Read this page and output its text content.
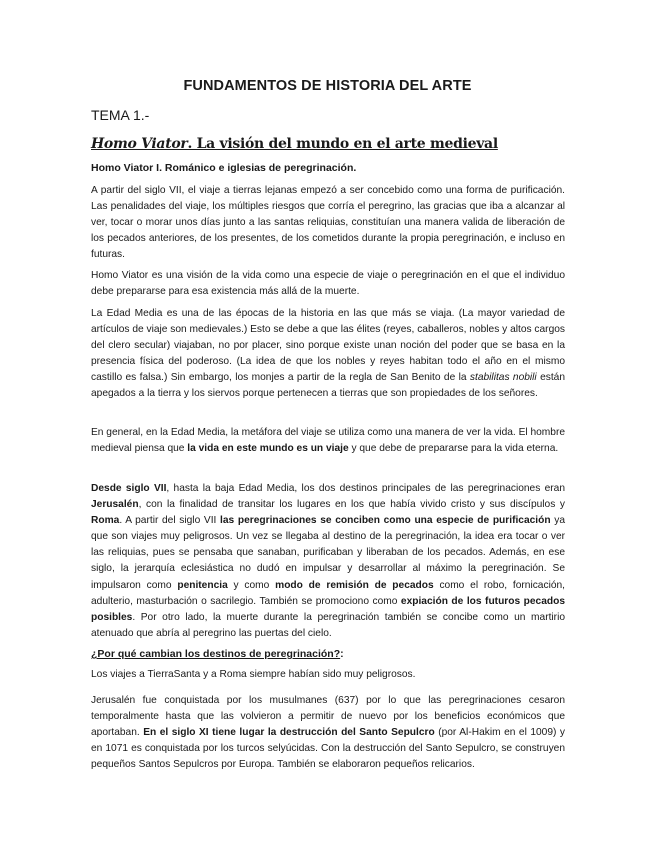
FUNDAMENTOS DE HISTORIA DEL ARTE
TEMA 1.-
Homo Viator. La visión del mundo en el arte medieval
Homo Viator I. Románico e iglesias de peregrinación.
A partir del siglo VII, el viaje a tierras lejanas empezó a ser concebido como una forma de purificación. Las penalidades del viaje, los múltiples riesgos que corría el peregrino, las gracias que iba a alcanzar al ver, tocar o morar unos días junto a las santas reliquias, constituían una manera valida de liberación de los pecados anteriores, de los presentes, de los cometidos durante la propia peregrinación, e incluso en futuras.
Homo Viator es una visión de la vida como una especie de viaje o peregrinación en el que el individuo debe prepararse para esa existencia más allá de la muerte.
La Edad Media es una de las épocas de la historia en las que más se viaja. (La mayor variedad de artículos de viaje son medievales.) Esto se debe a que las élites (reyes, caballeros, nobles y altos cargos del clero secular) viajaban, no por placer, sino porque existe unan noción del poder que se basa en la presencia física del poderoso. (La idea de que los nobles y reyes habitan todo el año en el mismo castillo es falsa.) Sin embargo, los monjes a partir de la regla de San Benito de la stabilitas nobili están apegados a la tierra y los siervos porque pertenecen a tierras que son propiedades de los señores.
En general, en la Edad Media, la metáfora del viaje se utiliza como una manera de ver la vida. El hombre medieval piensa que la vida en este mundo es un viaje y que debe de prepararse para la vida eterna.
Desde siglo VII, hasta la baja Edad Media, los dos destinos principales de las peregrinaciones eran Jerusalén, con la finalidad de transitar los lugares en los que había vivido cristo y sus discípulos y Roma. A partir del siglo VII las peregrinaciones se conciben como una especie de purificación ya que son viajes muy peligrosos. Un vez se llegaba al destino de la peregrinación, la idea era tocar o ver las reliquias, pues se pensaba que sanaban, purificaban y liberaban de los pecados. Además, en ese siglo, la jerarquía eclesiástica no dudó en impulsar y desarrollar al máximo la peregrinación. Se impulsaron como penitencia y como modo de remisión de pecados como el robo, fornicación, adulterio, masturbación o sacrilegio. También se promociono como expiación de los futuros pecados posibles. Por otro lado, la muerte durante la peregrinación también se concibe como un martirio atenuado que abría al peregrino las puertas del cielo.
¿Por qué cambian los destinos de peregrinación?:
Los viajes a TierraSanta y a Roma siempre habían sido muy peligrosos.
Jerusalén fue conquistada por los musulmanes (637) por lo que las peregrinaciones cesaron temporalmente hasta que las volvieron a permitir de nuevo por los beneficios económicos que aportaban. En el siglo XI tiene lugar la destrucción del Santo Sepulcro (por Al-Hakim en el 1009) y en 1071 es conquistada por los turcos selyúcidas. Con la destrucción del Santo Sepulcro, se construyen pequeños Santos Sepulcros por Europa. También se elaboraron pequeños relicarios.
